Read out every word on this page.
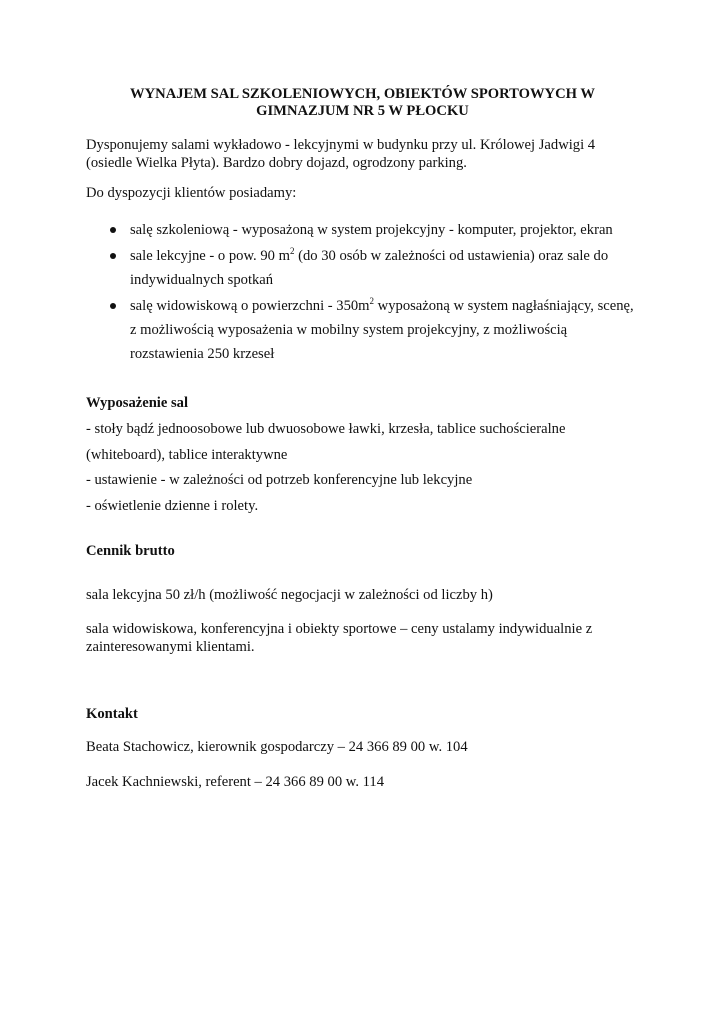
WYNAJEM SAL SZKOLENIOWYCH, OBIEKTÓW SPORTOWYCH W
GIMNAZJUM NR 5 W PŁOCKU
Dysponujemy salami wykładowo - lekcyjnymi w budynku przy ul. Królowej Jadwigi 4
(osiedle Wielka Płyta). Bardzo dobry dojazd, ogrodzony parking.
Do dyspozycji klientów posiadamy:
salę szkoleniową - wyposażoną w system projekcyjny - komputer, projektor, ekran
sale lekcyjne - o pow. 90 $m^2$ (do 30 osób w zależności od ustawienia) oraz sale do
indywidualnych spotkań
salę widowiskową o powierzchni - $350m^2$ wyposażoną w system nagłaśniający, scenę,
z możliwością wyposażenia w mobilny system projekcyjny, z możliwością
rozstawienia 250 krzeseł
Wyposażenie sal
- stoły bądź jednoosobowe lub dwuosobowe ławki, krzesła, tablice suchościeralne
(whiteboard), tablice interaktywne
- ustawienie - w zależności od potrzeb konferencyjne lub lekcyjne
- oświetlenie dzienne i rolety.
Cennik brutto
sala lekcyjna 50 zł/h (możliwość negocjacji w zależności od liczby h)
sala widowiskowa, konferencyjna i obiekty sportowe – ceny ustalamy indywidualnie z
zainteresowanymi klientami.
Kontakt
Beata Stachowicz, kierownik gospodarczy – 24 366 89 00 w. 104
Jacek Kachniewski, referent – 24 366 89 00 w. 114
